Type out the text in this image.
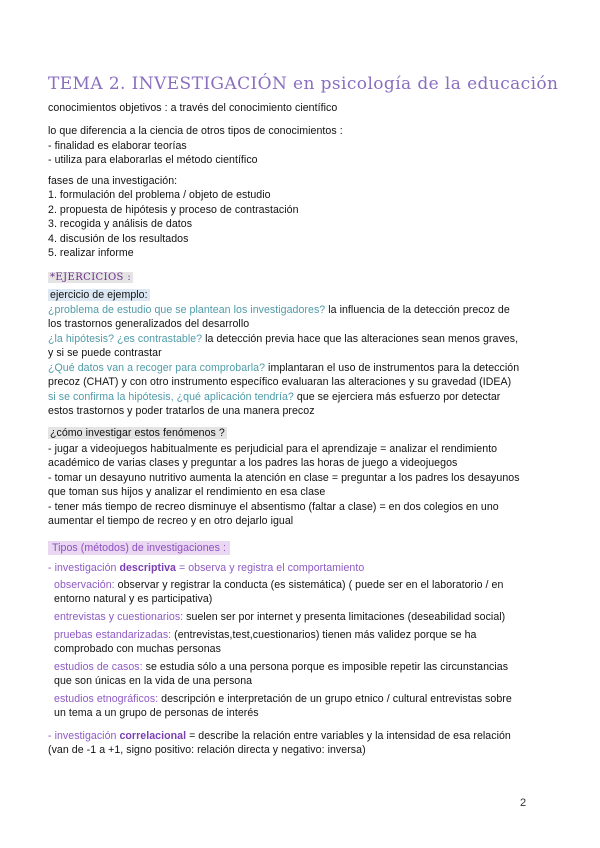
TEMA 2. INVESTIGACIÓN en psicología de la educación
conocimientos objetivos : a través del conocimiento científico
lo que diferencia a la ciencia de otros tipos de conocimientos :
- finalidad es elaborar teorías
- utiliza para elaborarlas el método científico
fases de una investigación:
1. formulación del problema / objeto de estudio
2. propuesta de hipótesis y proceso de contrastación
3. recogida y análisis de datos
4. discusión de los resultados
5. realizar informe
*EJERCICIOS :
ejercicio de ejemplo:
¿problema de estudio que se plantean los investigadores? la influencia de la detección precoz de
los trastornos generalizados del desarrollo
¿la hipótesis? ¿es contrastable? la detección previa hace que las alteraciones sean menos graves,
y si se puede contrastar
¿Qué datos van a recoger para comprobarla? implantaran el uso de instrumentos para la detección
precoz (CHAT) y con otro instrumento específico evaluaran las alteraciones y su gravedad (IDEA)
si se confirma la hipótesis, ¿qué aplicación tendría? que se ejerciera más esfuerzo por detectar
estos trastornos y poder tratarlos de una manera precoz
¿cómo investigar estos fenómenos ?
- jugar a videojuegos habitualmente es perjudicial para el aprendizaje = analizar el rendimiento
académico de varias clases y preguntar a los padres las horas de juego a videojuegos
- tomar un desayuno nutritivo aumenta la atención en clase = preguntar a los padres los desayunos
que toman sus hijos y analizar el rendimiento en esa clase
- tener más tiempo de recreo disminuye el absentismo (faltar a clase) = en dos colegios en uno
aumentar el tiempo de recreo y en otro dejarlo igual
Tipos (métodos) de investigaciones :
- investigación descriptiva = observa y registra el comportamiento
observación: observar y registrar la conducta (es sistemática) ( puede ser en el laboratorio / en
entorno natural y es participativa)
entrevistas y cuestionarios: suelen ser por internet y presenta limitaciones (deseabilidad social)
pruebas estandarizadas: (entrevistas,test,cuestionarios) tienen más validez porque se ha
comprobado con muchas personas
estudios de casos: se estudia sólo a una persona porque es imposible repetir las circunstancias
que son únicas en la vida de una persona
estudios etnográficos: descripción e interpretación de un grupo etnico / cultural entrevistas sobre
un tema a un grupo de personas de interés
- investigación correlacional = describe la relación entre variables y la intensidad de esa relación
(van de -1 a +1, signo positivo: relación directa y negativo: inversa)
2
